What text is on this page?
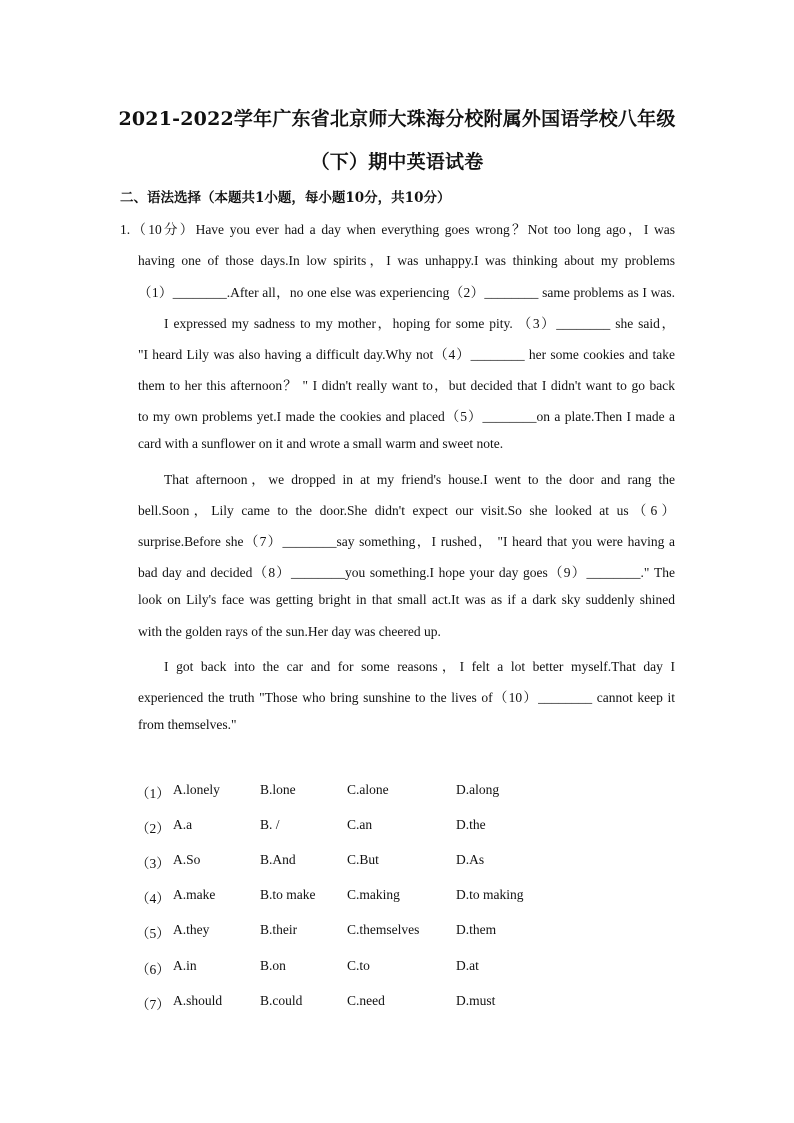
2021-2022学年广东省北京师大珠海分校附属外国语学校八年级
（下）期中英语试卷
二、语法选择（本题共1小题，每小题10分，共10分）
1.（10分）Have you ever had a day when everything goes wrong？Not too long ago，I was
having one of those days.In low spirits，I was unhappy.I was thinking about my problems
（1）________.After all，no one else was experiencing（2）________ same problems as I was.
I expressed my sadness to my mother，hoping for some pity. （3）________ she said，
"I heard Lily was also having a difficult day.Why not（4）________ her some cookies and take
them to her this afternoon？ " I didn't really want to，but decided that I didn't want to go back
to my own problems yet.I made the cookies and placed（5）________on a plate.Then I made a
card with a sunflower on it and wrote a small warm and sweet note.
That afternoon，we dropped in at my friend's house.I went to the door and rang the
bell.Soon，Lily came to the door.She didn't expect our visit.So she looked at us（6）
surprise.Before she（7）________say something，I rushed， "I heard that you were having a
bad day and decided（8）________you something.I hope your day goes（9）________." The
look on Lily's face was getting bright in that small act.It was as if a dark sky suddenly shined
with the golden rays of the sun.Her day was cheered up.
I got back into the car and for some reasons，I felt a lot better myself.That day I
experienced the truth "Those who bring sunshine to the lives of（10）________ cannot keep it
from themselves."
（1） A.lonely	B.lone	C.alone	D.along
（2） A.a	B. /	C.an	D.the
（3） A.So	B.And	C.But	D.As
（4） A.make	B.to make C.making	D.to making
（5） A.they	B.their	C.themselves	D.them
（6） A.in	B.on	C.to	D.at
（7） A.should	B.could	C.need	D.must
